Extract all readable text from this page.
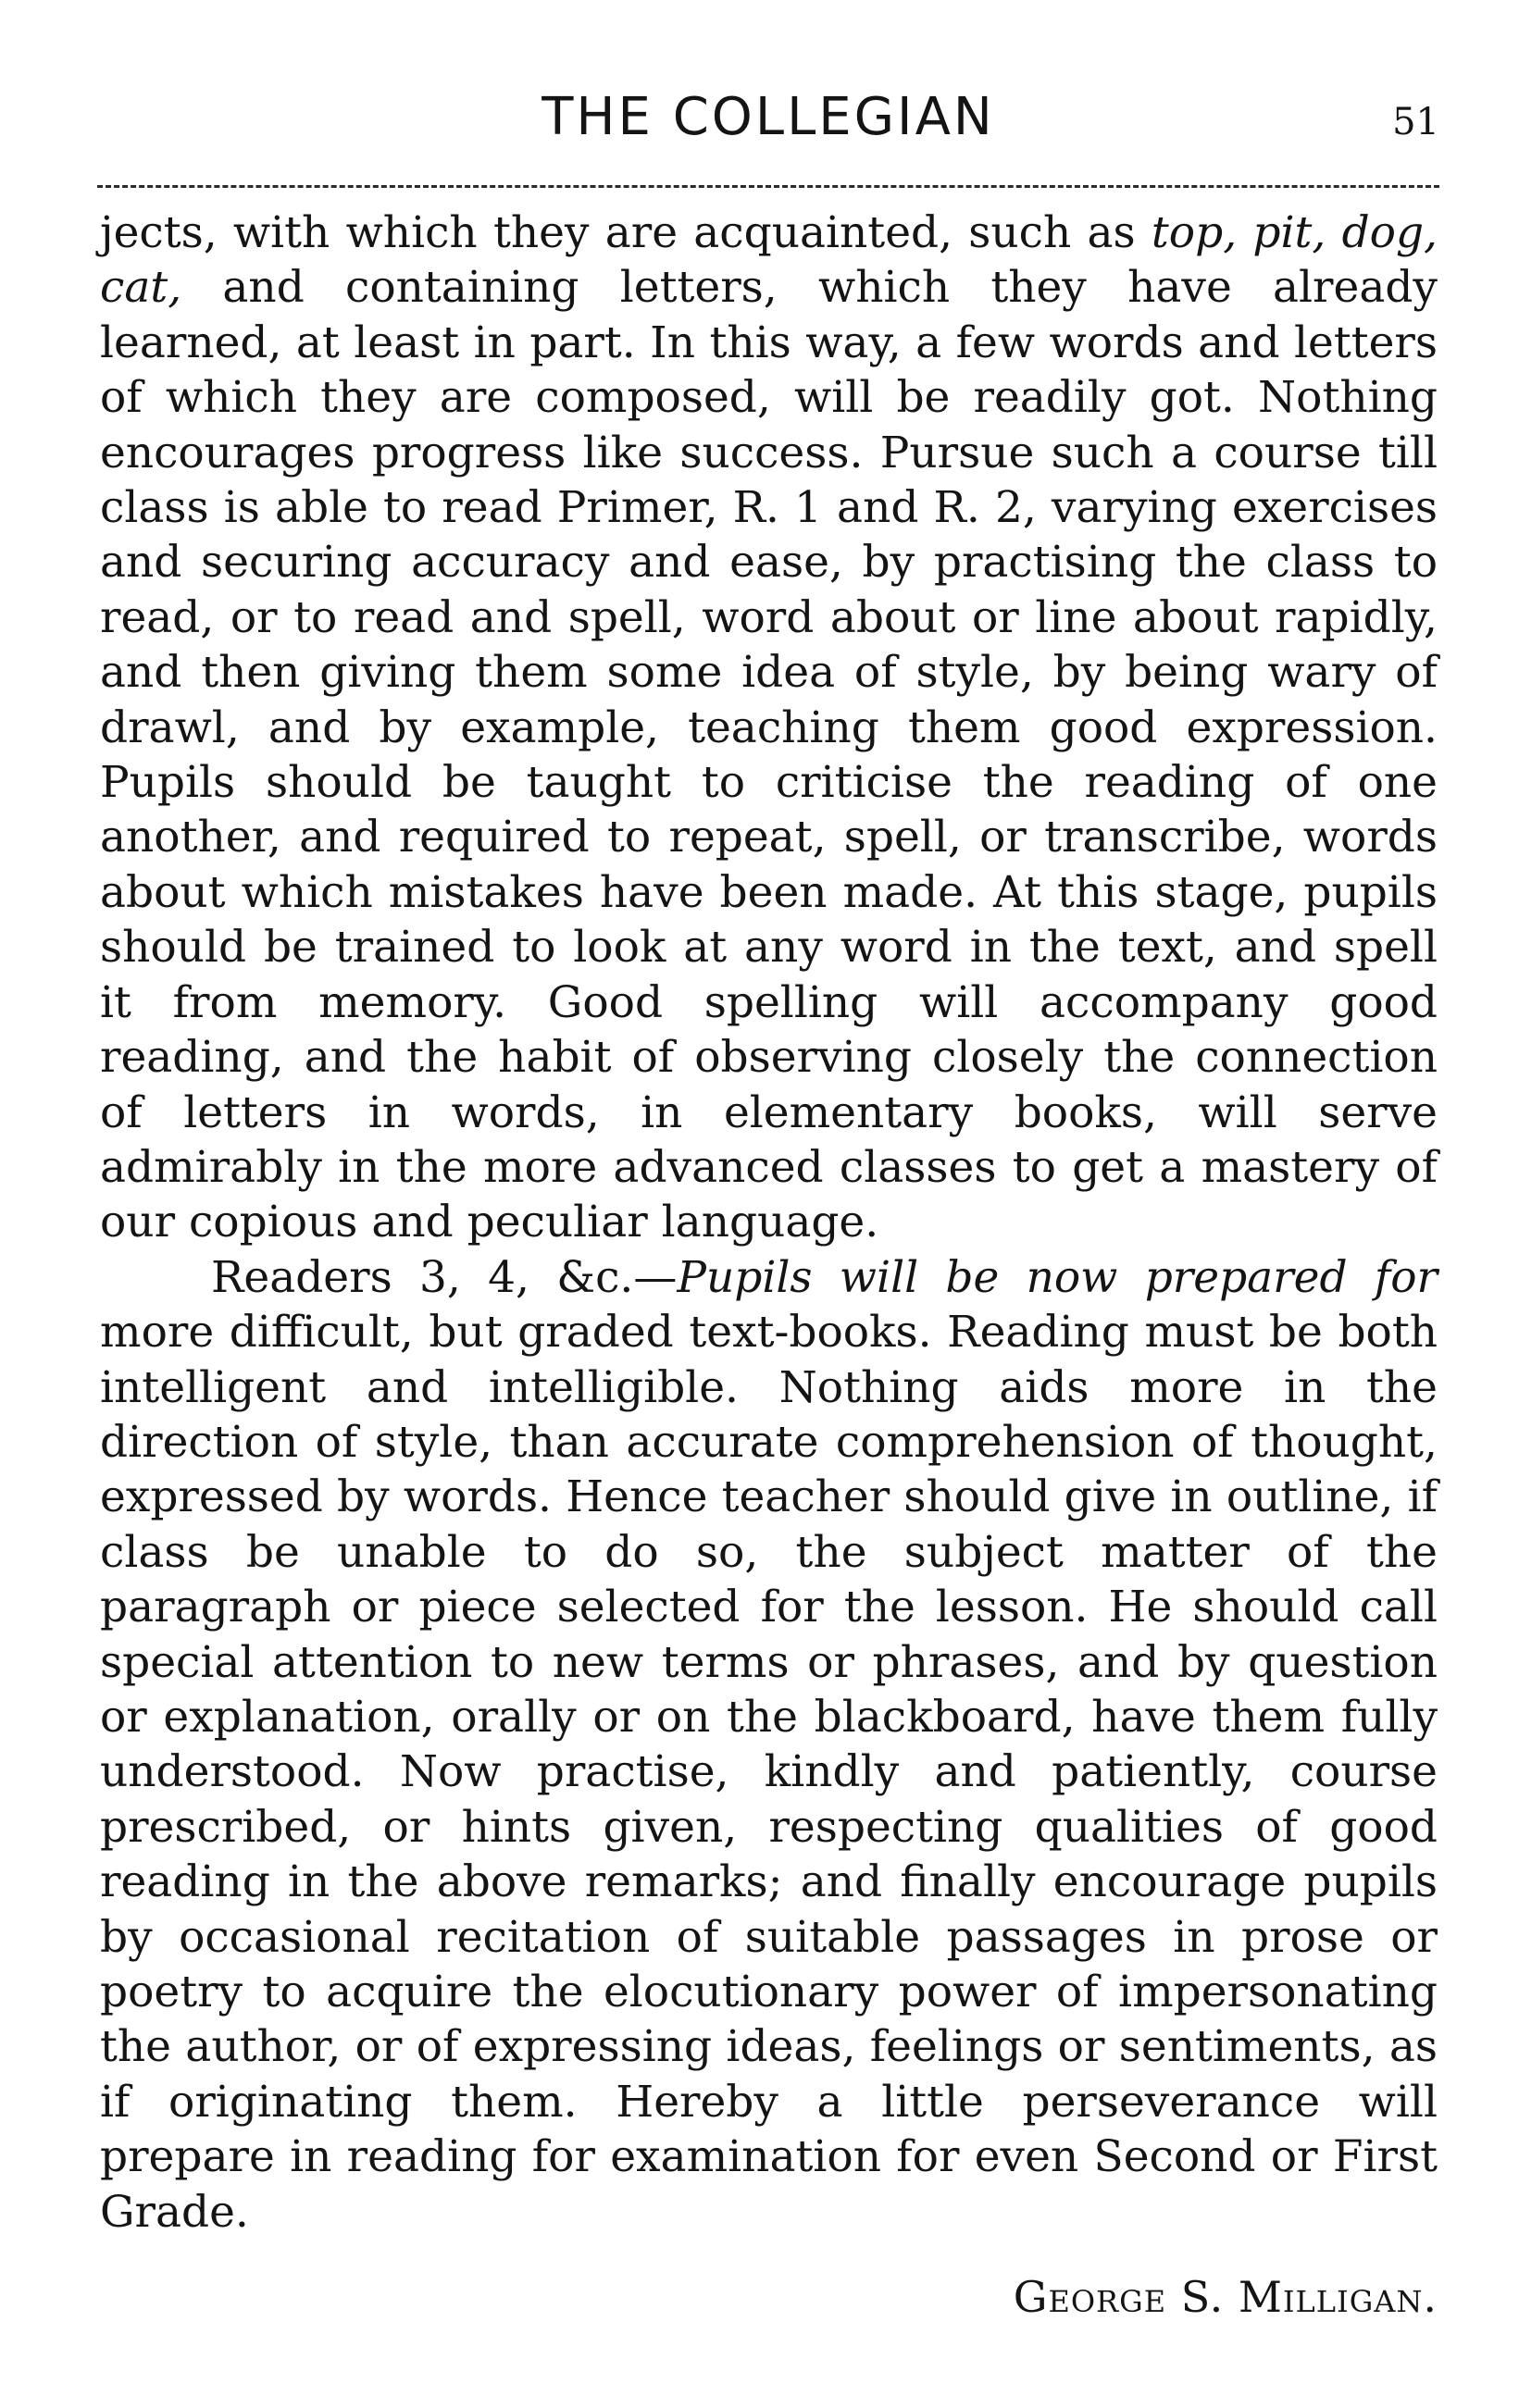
THE COLLEGIAN	51

jects, with which they are acquainted, such as top, pit, dog, cat, and containing letters, which they have already learned, at least in part. In this way, a few words and letters of which they are composed, will be readily got. Nothing encourages progress like success. Pursue such a course till class is able to read Primer, R. 1 and R. 2, varying exercises and securing accuracy and ease, by practising the class to read, or to read and spell, word about or line about rapidly, and then giving them some idea of style, by being wary of drawl, and by example, teaching them good expression. Pupils should be taught to criticise the reading of one another, and required to repeat, spell, or transcribe, words about which mistakes have been made. At this stage, pupils should be trained to look at any word in the text, and spell it from memory. Good spelling will accompany good reading, and the habit of observing closely the connection of letters in words, in elementary books, will serve admirably in the more advanced classes to get a mastery of our copious and peculiar language.

Readers 3, 4, &c.—Pupils will be now prepared for more difficult, but graded text-books. Reading must be both intelligent and intelligible. Nothing aids more in the direction of style, than accurate comprehension of thought, expressed by words. Hence teacher should give in outline, if class be unable to do so, the subject matter of the paragraph or piece selected for the lesson. He should call special attention to new terms or phrases, and by question or explanation, orally or on the blackboard, have them fully understood. Now practise, kindly and patiently, course prescribed, or hints given, respecting qualities of good reading in the above remarks; and finally encourage pupils by occasional recitation of suitable passages in prose or poetry to acquire the elocutionary power of impersonating the author, or of expressing ideas, feelings or sentiments, as if originating them. Hereby a little perseverance will prepare in reading for examination for even Second or First Grade.

George S. Milligan.
